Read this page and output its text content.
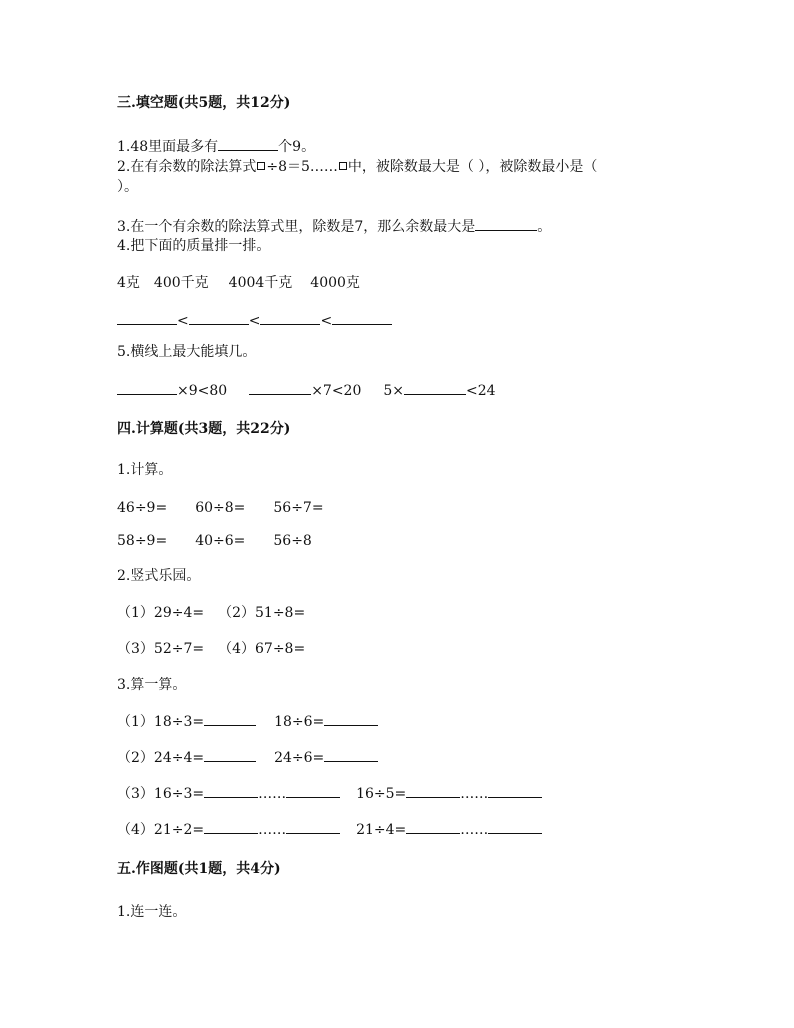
三.填空题(共5题，共12分)
1.48里面最多有	个9。
2.在有余数的除法算式 ÷8＝5…… 中，被除数最大是（ ），被除数最小是（
）。
3.在一个有余数的除法算式里，除数是7，那么余数最大是	。
4.把下面的质量排一排。
4克 400千克 4004千克 4000克
<	<	<
5.横线上最大能填几。
×9<80	×7<20 5×	<24
四.计算题(共3题，共22分)
1.计算。
46÷9= 60÷8= 56÷7=
58÷9= 40÷6= 56÷8
2.竖式乐园。
（1）29÷4= （2）51÷8=
（3）52÷7= （4）67÷8=
3.算一算。
（1）18÷3=	18÷6=
（2）24÷4=	24÷6=
（3）16÷3=	……	16÷5=	……
（4）21÷2=	……	21÷4=	……
五.作图题(共1题，共4分)
1.连一连。
